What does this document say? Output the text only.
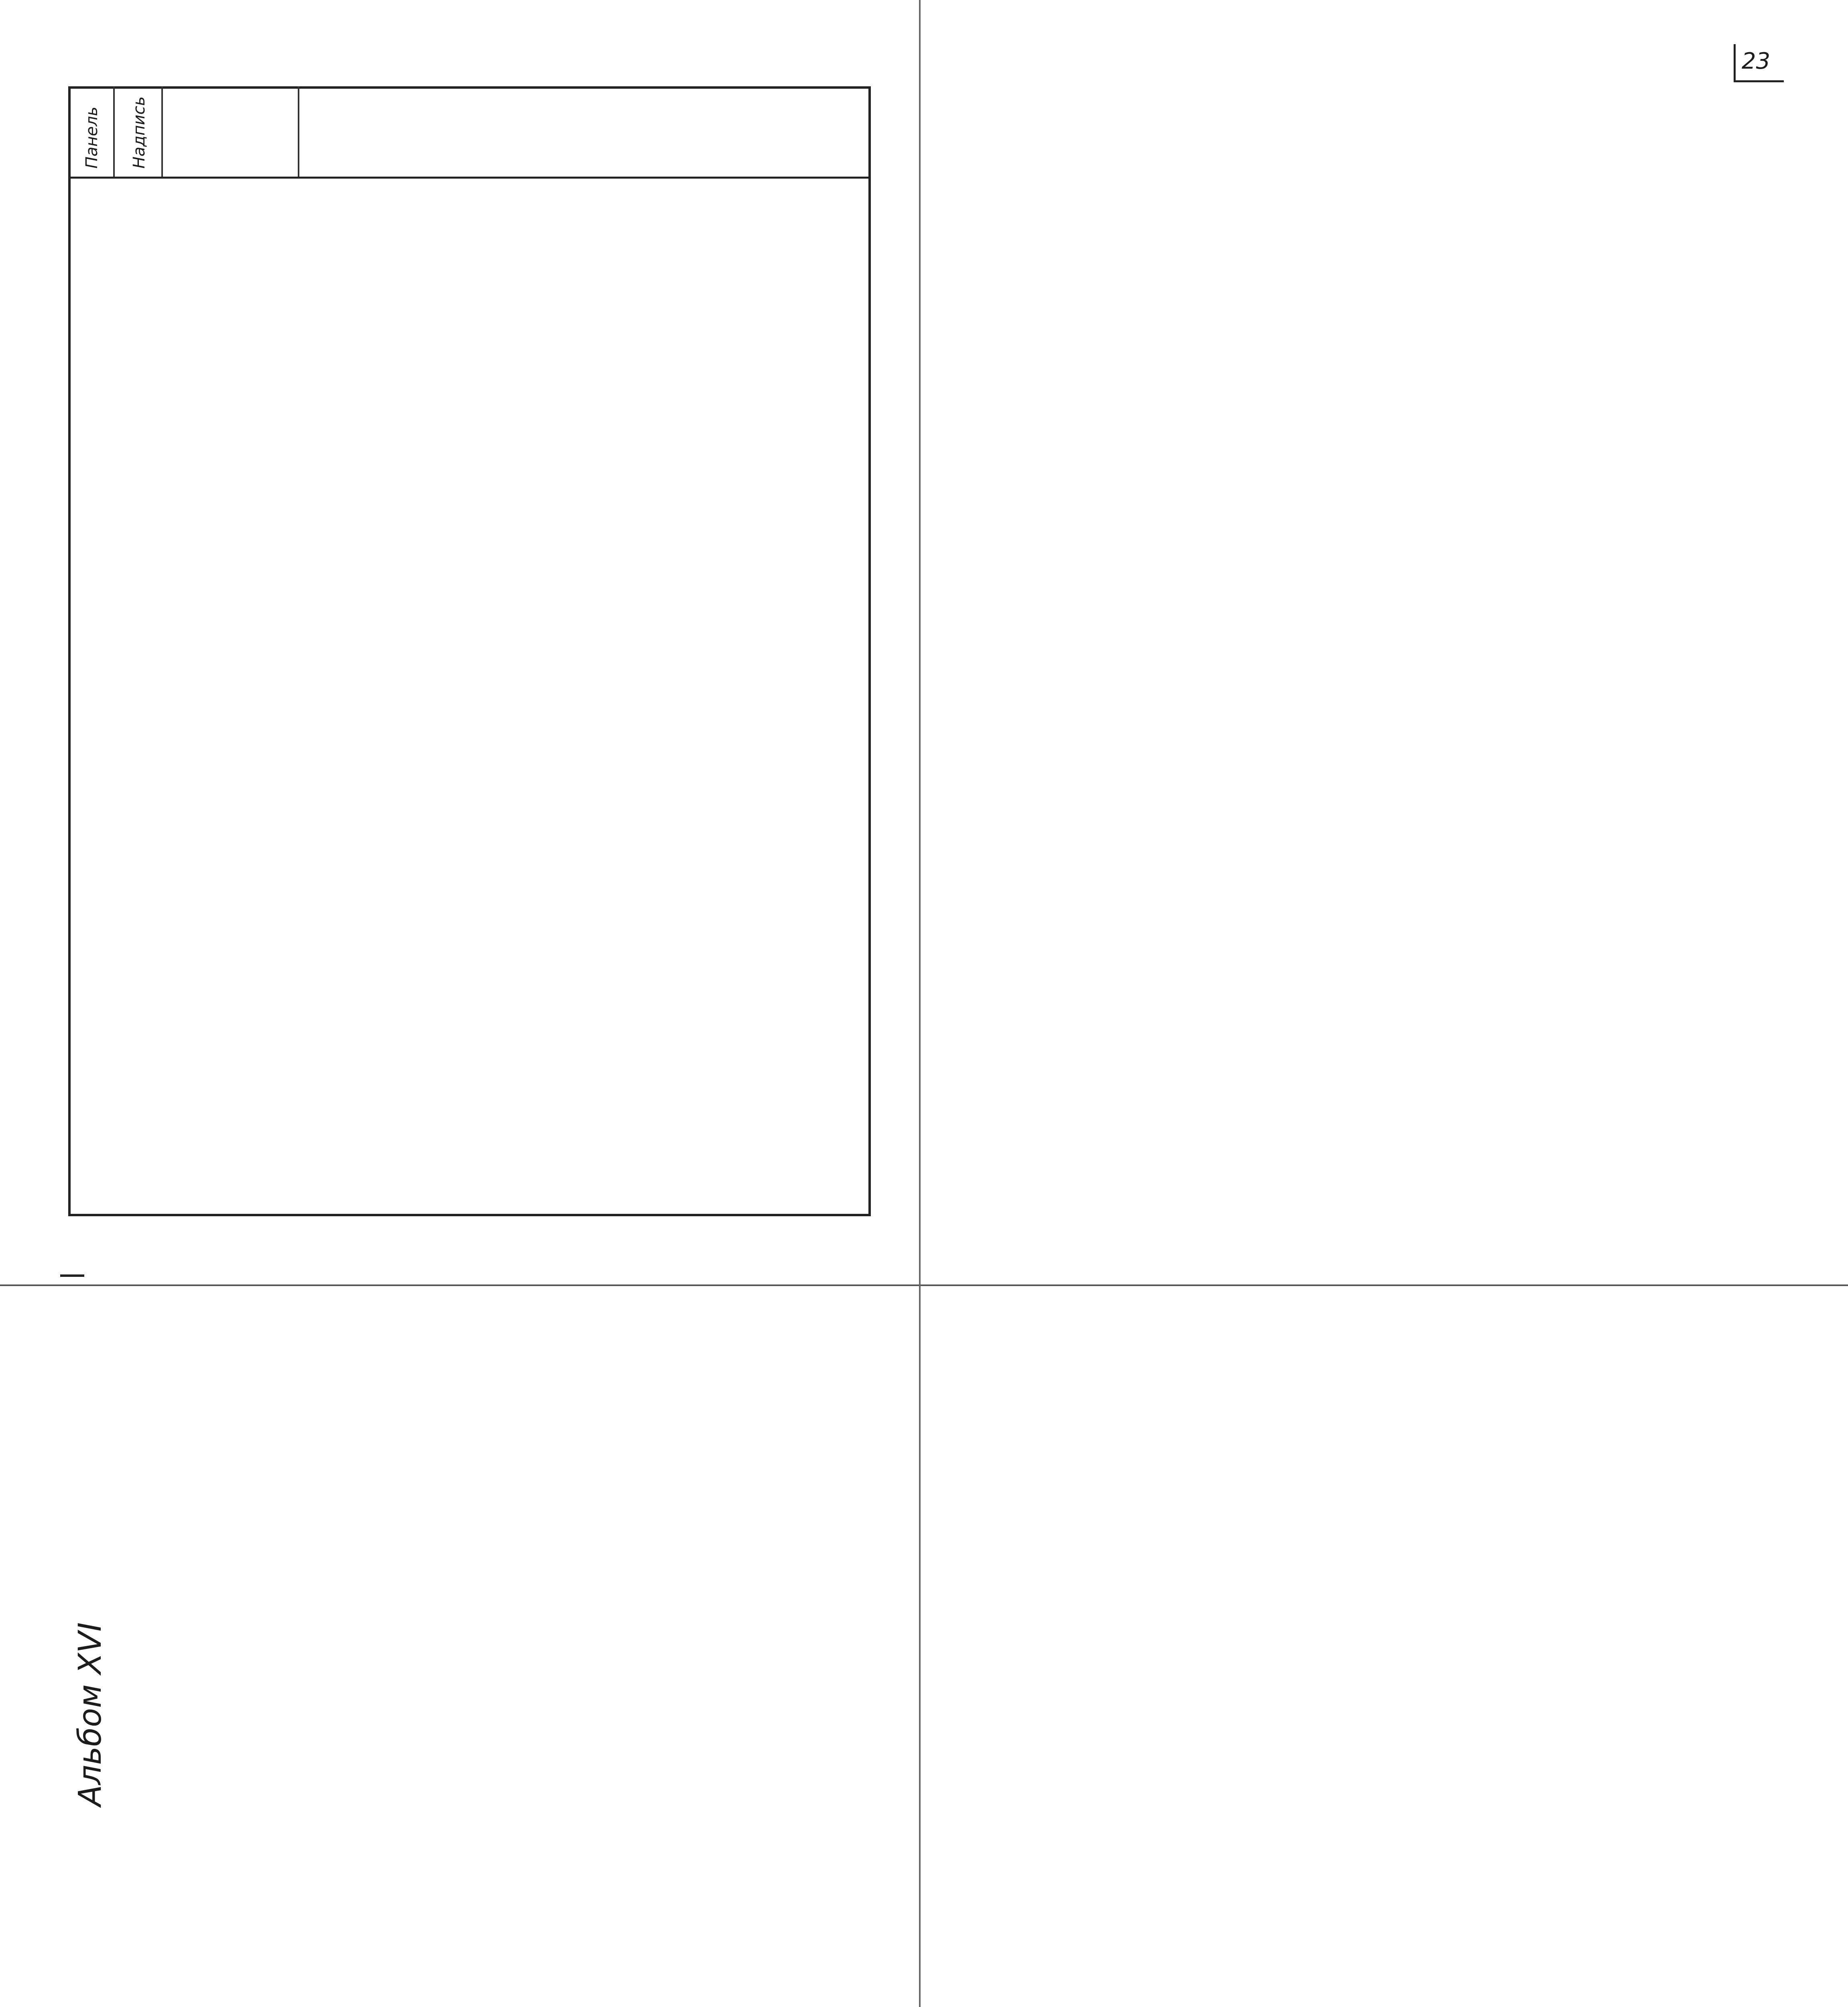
23
Альбом XVI
Панель Надпись
